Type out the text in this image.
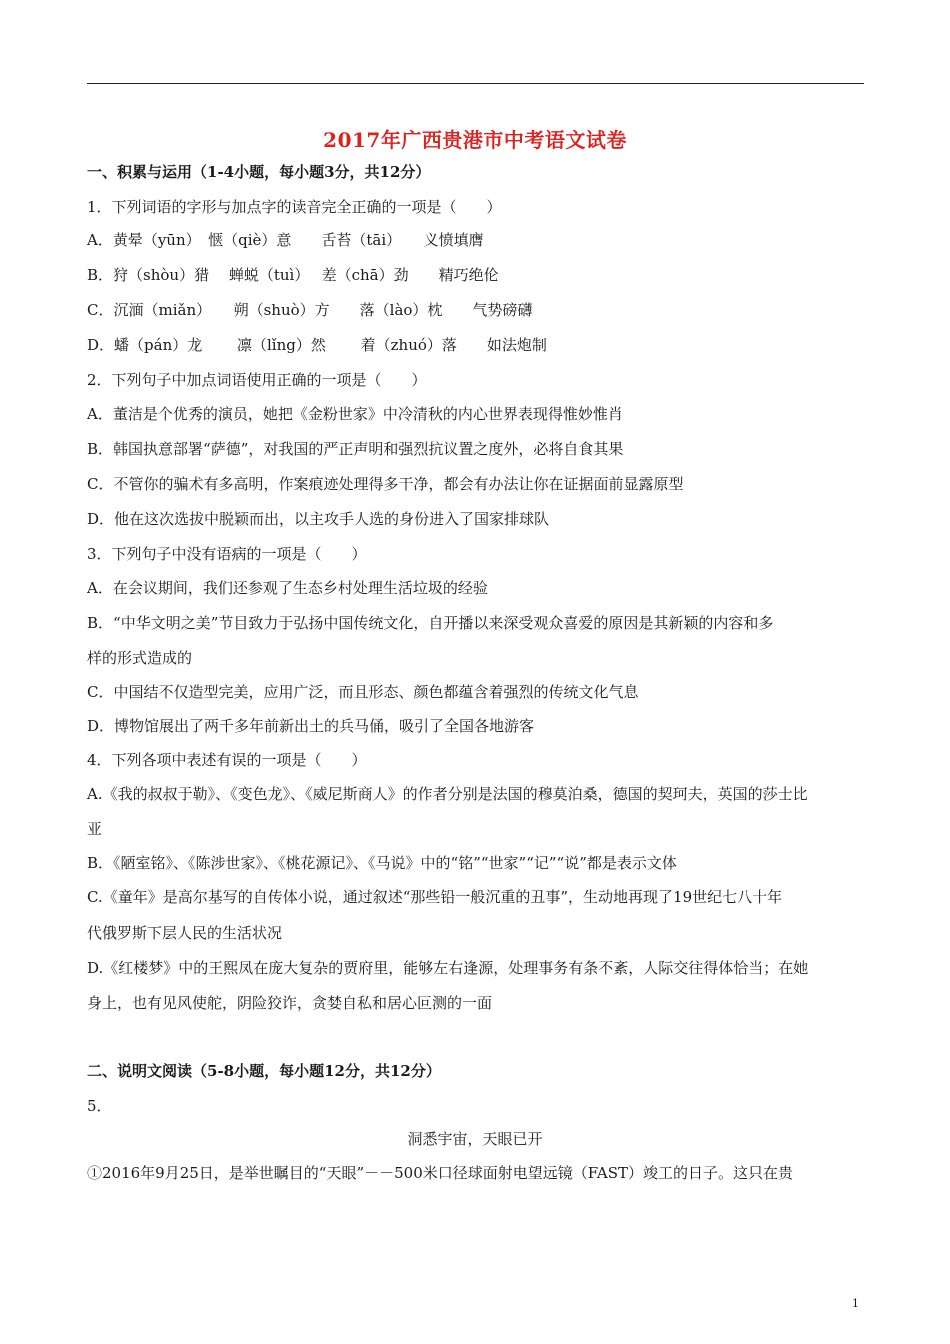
2017年广西贵港市中考语文试卷
一、积累与运用（1-4小题，每小题3分，共12分）
1．下列词语的字形与加点字的读音完全正确的一项是（　　）
A．黄晕（yūn）　惬（qiè）意　　舌苔（tāi）　　义愤填膺
B．狩（shòu）猎　 蝉蜕（tuì）　 差（chā）劲　　精巧绝伦
C．沉湎（miǎn）　　朔（shuò）方　　落（lào）枕　　气势磅礴
D．蟠（pán）龙　　 凛（lǐng）然　　 着（zhuó）落　　如法炮制
2．下列句子中加点词语使用正确的一项是（　　）
A．董洁是个优秀的演员，她把《金粉世家》中冷清秋的内心世界表现得惟妙惟肖
B．韩国执意部署“萨德”，对我国的严正声明和强烈抗议置之度外，必将自食其果
C．不管你的骗术有多高明，作案痕迹处理得多干净，都会有办法让你在证据面前显露原型
D．他在这次选拔中脱颖而出，以主攻手人选的身份进入了国家排球队
3．下列句子中没有语病的一项是（　　）
A．在会议期间，我们还参观了生态乡村处理生活垃圾的经验
B．“中华文明之美”节目致力于弘扬中国传统文化，自开播以来深受观众喜爱的原因是其新颖的内容和多
样的形式造成的
C．中国结不仅造型完美，应用广泛，而且形态、颜色都蕴含着强烈的传统文化气息
D．博物馆展出了两千多年前新出土的兵马俑，吸引了全国各地游客
4．下列各项中表述有误的一项是（　　）
A.《我的叔叔于勒》、《变色龙》、《威尼斯商人》的作者分别是法国的穆莫泊桑，德国的契珂夫，英国的莎士比
亚
B．《陋室铭》、《陈涉世家》、《桃花源记》、《马说》中的“铭”“世家”“记”“说”都是表示文体
C.《童年》是高尔基写的自传体小说，通过叙述“那些铅一般沉重的丑事”，生动地再现了19世纪七八十年
代俄罗斯下层人民的生活状况
D.《红楼梦》中的王熙凤在庞大复杂的贾府里，能够左右逢源，处理事务有条不紊，人际交往得体恰当；在她
身上，也有见风使舵，阴险狡诈，贪婪自私和居心叵测的一面
二、说明文阅读（5-8小题，每小题12分，共12分）
5．
洞悉宇宙，天眼已开
①2016年9月25日，是举世瞩目的“天眼”－－500米口径球面射电望远镜（FAST）竣工的日子。这只在贵
1
